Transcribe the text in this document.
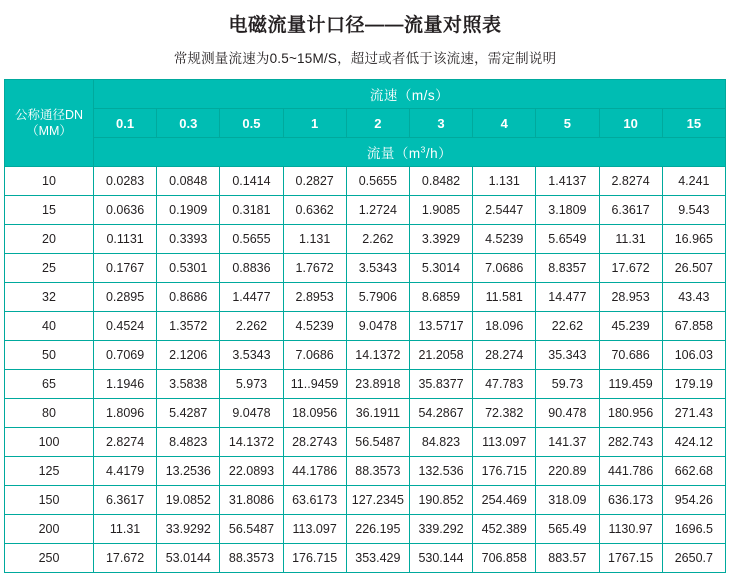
电磁流量计口径——流量对照表
常规测量流速为0.5~15M/S，超过或者低于该流速，需定制说明
公称通径DN
（MM）	流速（m/s）									
	0.1	0.3	0.5	1	2	3	4	5	10	15
	流量$(m^3/h)$									
10	0.0283	0.0848	0.1414	0.2827	0.5655	0.8482	1.131	1.4137	2.8274	4.241
15	0.0636	0.1909	0.3181	0.6362	1.2724	1.9085	2.5447	3.1809	6.3617	9.543
20	0.1131	0.3393	0.5655	1.131	2.262	3.3929	4.5239	5.6549	11.31	16.965
25	0.1767	0.5301	0.8836	1.7672	3.5343	5.3014	7.0686	8.8357	17.672	26.507
32	0.2895	0.8686	1.4477	2.8953	5.7906	8.6859	11.581	14.477	28.953	43.43
40	0.4524	1.3572	2.262	4.5239	9.0478	13.5717	18.096	22.62	45.239	67.858
50	0.7069	2.1206	3.5343	7.0686	14.1372	21.2058	28.274	35.343	70.686	106.03
65	1.1946	3.5838	5.973	11..9459	23.8918	35.8377	47.783	59.73	119.459	179.19
80	1.8096	5.4287	9.0478	18.0956	36.1911	54.2867	72.382	90.478	180.956	271.43
100	2.8274	8.4823	14.1372	28.2743	56.5487	84.823	113.097	141.37	282.743	424.12
125	4.4179	13.2536	22.0893	44.1786	88.3573	132.536	176.715	220.89	441.786	662.68
150	6.3617	19.0852	31.8086	63.6173	127.2345	190.852	254.469	318.09	636.173	954.26
200	11.31	33.9292	56.5487	113.097	226.195	339.292	452.389	565.49	1130.97	1696.5
250	17.672	53.0144	88.3573	176.715	353.429	530.144	706.858	883.57	1767.15	2650.7
